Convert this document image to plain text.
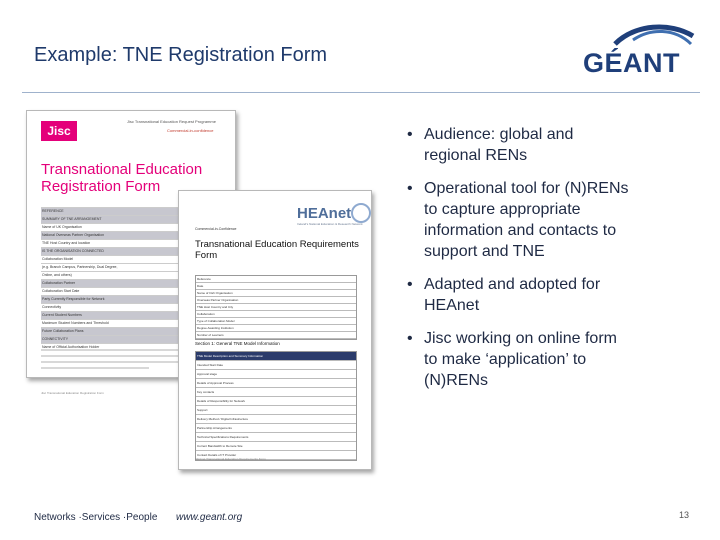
Example: TNE Registration Form	GÉANT
Jisc
Jisc Transnational Education Request Programme
Commercial-in-confidence
Transnational Education Registration Form
REFERENCE
SUMMARY OF TNE ARRANGEMENT
Name of UK Organisation
National Overseas Partner Organisation
TNE Host Country and location
IS THE ORGANISATION CONNECTED
Collaboration Model
(e.g. Branch Campus, Partnership, Dual Degree,
Online, and others)
Collaboration Partner
Collaboration Start Date
Party Currently Responsible for Network
Connectivity
Current Student Numbers
Maximum Student Numbers and Threshold
Future Collaboration Plans
CONNECTIVITY
Name of Official Authorisation Holder
Jisc Transnational Education Registration Form
HEAnet
Ireland's National Education & Research Network
Commercial-in-Confidence
Transnational Education Requirements Form
Reference
Date
Name of Irish Organisation
Overseas Partner Organisation
TNE Host Country and City
Collaboration
Type of Collaboration Model
Degree Awarding Institution
Number of Learners
Section 1: General TNE Model Information
TNE Model Description and Summary Information
Intended Start Date
Approval stage
Details of Approval Process
Key contacts
Details of Responsibility for Network
Support
Delivery Method / Digital Infrastructure
Partnership Arrangements
Technical Specifications Requirements
Current Bandwidth to Remote Site
Contact Details of IT Provider
HEAnet Transnational Education Requirements Form
• Audience: global and
regional RENs
• Operational tool for (N)RENs
to capture appropriate
information and contacts to
support and TNE
• Adapted and adopted for
HEAnet
• Jisc working on online form
to make ‘application’ to
(N)RENs
Networks ·Services ·People www.geant.org	13
